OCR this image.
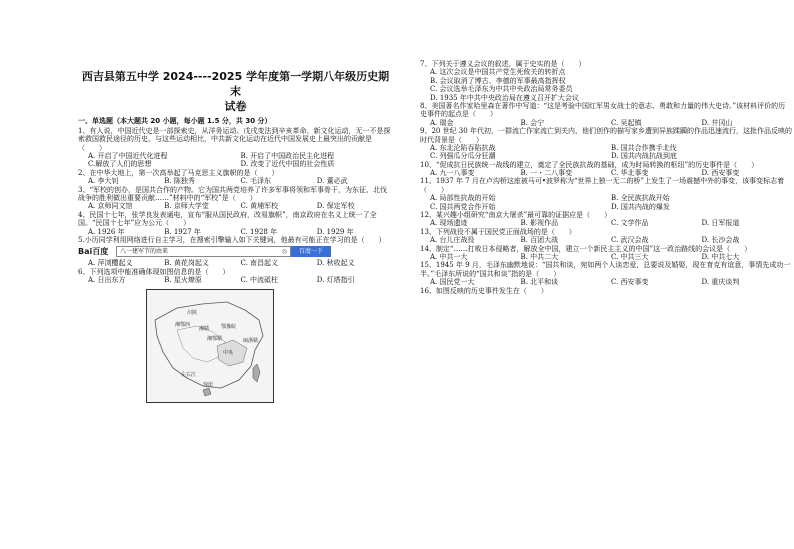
西吉县第五中学 2024----2025 学年度第一学期八年级历史期末
试卷
一、单选题（本大题共 20 小题，每小题 1.5 分，共 30 分）

1、有人说，中国近代史是一部探索史，从洋务运动、戊戌变法到辛亥革命、新文化运动，无一不是探索救国救民途径的历史。与这些运动相比，中共新文化运动在近代中国发展史上最突出的贡献是（　　）

A. 开启了中国近代化进程	B. 开启了中国政治民主化进程
C.解放了人们的思想	D. 改变了近代中国的社会性质

2、在中华大地上，第一次高举起了马克思主义旗帜的是（　　）

A. 李大钊	B. 陈独秀	C. 毛泽东	D. 董必武

3、“军校的创办，是国共合作的产物。它为国共两党培养了许多军事将领和军事骨干，为东征、北伐战争的胜利做出重要贡献……”材料中的“军校”是（　　）

A. 京师同文馆	B. 京师大学堂	C. 黄埔军校	D. 保定军校

4、民国十七年，张学良发表通电，宣布“服从国民政府，改易旗帜”，南京政府在名义上统一了全国。“民国十七年”应为公元（　　）

A. 1926 年	B. 1927 年	C. 1928 年	D. 1929 年

5.小历同学利用网络进行自主学习，在搜索引擎输入如下关键词，他最有可能正在学习的是（　　）

Bai百度	八一建军节的由来	◎	百度一下
A. 萍浏醴起义	B. 黄花岗起义	C. 南昌起义	D. 秋收起义

6、下列选项中能准确体现如图信息的是（　　）

A. 日出东方	B. 星火燎原	C. 中流砥柱	D. 灯塔指引
湘赣
湘鄂西	鄂豫皖
川陕
闽浙赣
中央
左右江
琼崖
湘鄂赣

7、下列关于遵义会议的叙述，属于史实的是（　　）

A. 这次会议是中国共产党生死攸关的转折点
B. 会议取消了博古、李德的军事最高指挥权
C. 会议选举毛泽东为中共中央政治局常务委员
D. 1935 年中共中央政治局在遵义召开扩大会议

8、美国著名作家哈里森在著作中写道：“这是考验中国红军男女战士的意志、勇敢和力量的伟大史诗。”该材料评价的历史事件的起点是（　　）

A. 瑞金	B. 会宁	C. 吴起镇	D. 井冈山

9、20 世纪 30 年代初，一群流亡作家流亡到关内，他们创作的描写家乡遭到异族蹂躏的作品迅速流行，这批作品反映的时代背景是（　　）

A. 东北沦陷吞陷抗战	B. 国共合作携手北伐
C. 列强瓜分瓜分狂潮	D. 国共内战抗战到底

10、“促成抗日民族统一战线的建立，奠定了全民族抗战的基础，成为时局转换的枢纽”的历史事件是（　　）

A. 九一八事变	B. 一・二八事变	C. 华北事变	D. 西安事变

11、1937 年 7 月在卢沟桥这座被马可•波罗称为“世界上独一无二的桥”上发生了一场震撼中外的事变，该事变标志着（　　）

A. 局部性抗战的开始	B. 全民族抗战开始
C. 国共两党合作开始	D. 国共内战的爆发

12、某兴趣小组研究“南京大屠杀”最可靠的证据应是（　　）

A. 现场遗迹	B. 影视作品	C. 文学作品	D. 日军报道

13、下列战役不属于国民党正面战场的是（　　）

A. 台儿庄战役	B. 百团大战	C. 武汉会战	D. 长沙会战

14、制定“……打败日本侵略者，解放全中国，建立一个新民主主义的中国”这一政治路线的会议是（　　）

A. 中共一大	B. 中共二大	C. 中共三大	D. 中共七大

15、1945 年 9 月，毛泽东幽默地说：“国共和谈，宛如两个人谈恋爱，总要说及婚娶，现在育克有谊意，事情先成功一半。”毛泽东所说的“国共和谈”指的是（　　）

A. 国民党一大	B. 北平和谈	C. 西安事变	D. 重庆谈判

16、如图反映的历史事件发生在（　　）
